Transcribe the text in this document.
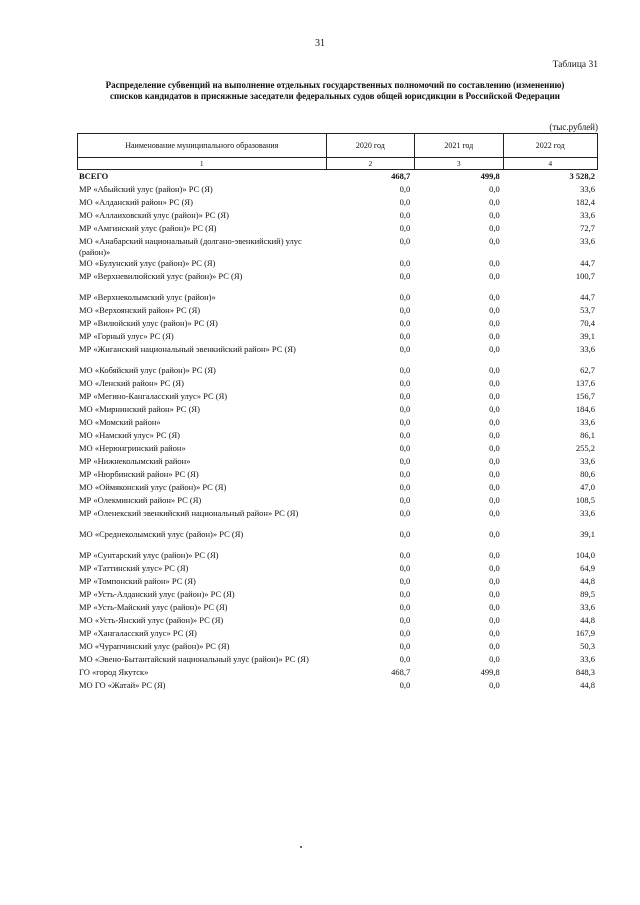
31
Таблица 31
Распределение субвенций на выполнение отдельных государственных полномочий по составлению (изменению)
списков кандидатов в присяжные заседатели федеральных судов общей юрисдикции в Российской Федерации
(тыс.рублей)
Наименование муниципального образования	2020 год	2021 год	2022 год
1	2	3	4
ВСЕГО	468,7	499,8	3 528,2
МР «Абыйский улус (район)» РС (Я)	0,0	0,0	33,6
МО «Алданский район» РС (Я)	0,0	0,0	182,4
МО «Аллаиховский улус (район)» РС (Я)	0,0	0,0	33,6
МР «Амгинский улус (район)» РС (Я)	0,0	0,0	72,7
МО «Анабарский национальный (долгано-эвенкийский) улус (район)»	0,0	0,0	33,6
МО «Булунский улус (район)» РС (Я)	0,0	0,0	44,7
МР «Верхневилюйский улус (район)» РС (Я)	0,0	0,0	100,7

МР «Верхнеколымский улус (район)»	0,0	0,0	44,7
МО «Верхоянский район» РС (Я)	0,0	0,0	53,7
МР «Вилюйский улус (район)» РС (Я)	0,0	0,0	70,4
МР «Горный улус» РС (Я)	0,0	0,0	39,1
МР «Жиганский национальный эвенкийский район» РС (Я)	0,0	0,0	33,6

МО «Кобяйский улус (район)» РС (Я)	0,0	0,0	62,7
МО «Ленский район» РС (Я)	0,0	0,0	137,6
МР «Мегино-Кангаласский улус» РС (Я)	0,0	0,0	156,7
МО «Мирнинский район» РС (Я)	0,0	0,0	184,6
МО «Момский район»	0,0	0,0	33,6
МО «Намский улус» РС (Я)	0,0	0,0	86,1
МО «Нерюнгринский район»	0,0	0,0	255,2
МР «Нижнеколымский район»	0,0	0,0	33,6
МР «Нюрбинский район» РС (Я)	0,0	0,0	80,6
МО «Оймяконский улус (район)» РС (Я)	0,0	0,0	47,0
МР «Олекминский район» РС (Я)	0,0	0,0	108,5
МР «Оленекский эвенкийский национальный район» РС (Я)	0,0	0,0	33,6

МО «Среднеколымский улус (район)» РС (Я)	0,0	0,0	39,1

МР «Сунтарский улус (район)» РС (Я)	0,0	0,0	104,0
МР «Таттинский улус» РС (Я)	0,0	0,0	64,9
МР «Томпонский район» РС (Я)	0,0	0,0	44,8
МР «Усть-Алданский улус (район)» РС (Я)	0,0	0,0	89,5
МР «Усть-Майский улус (район)» РС (Я)	0,0	0,0	33,6
МО «Усть-Янский улус (район)» РС (Я)	0,0	0,0	44,8
МР «Хангаласский улус» РС (Я)	0,0	0,0	167,9
МО «Чурапчинский улус (район)» РС (Я)	0,0	0,0	50,3
МО «Эвено-Бытантайский национальный улус (район)» РС (Я)	0,0	0,0	33,6
ГО «город Якутск»	468,7	499,8	848,3
МО ГО «Жатай» РС (Я)	0,0	0,0	44,8
